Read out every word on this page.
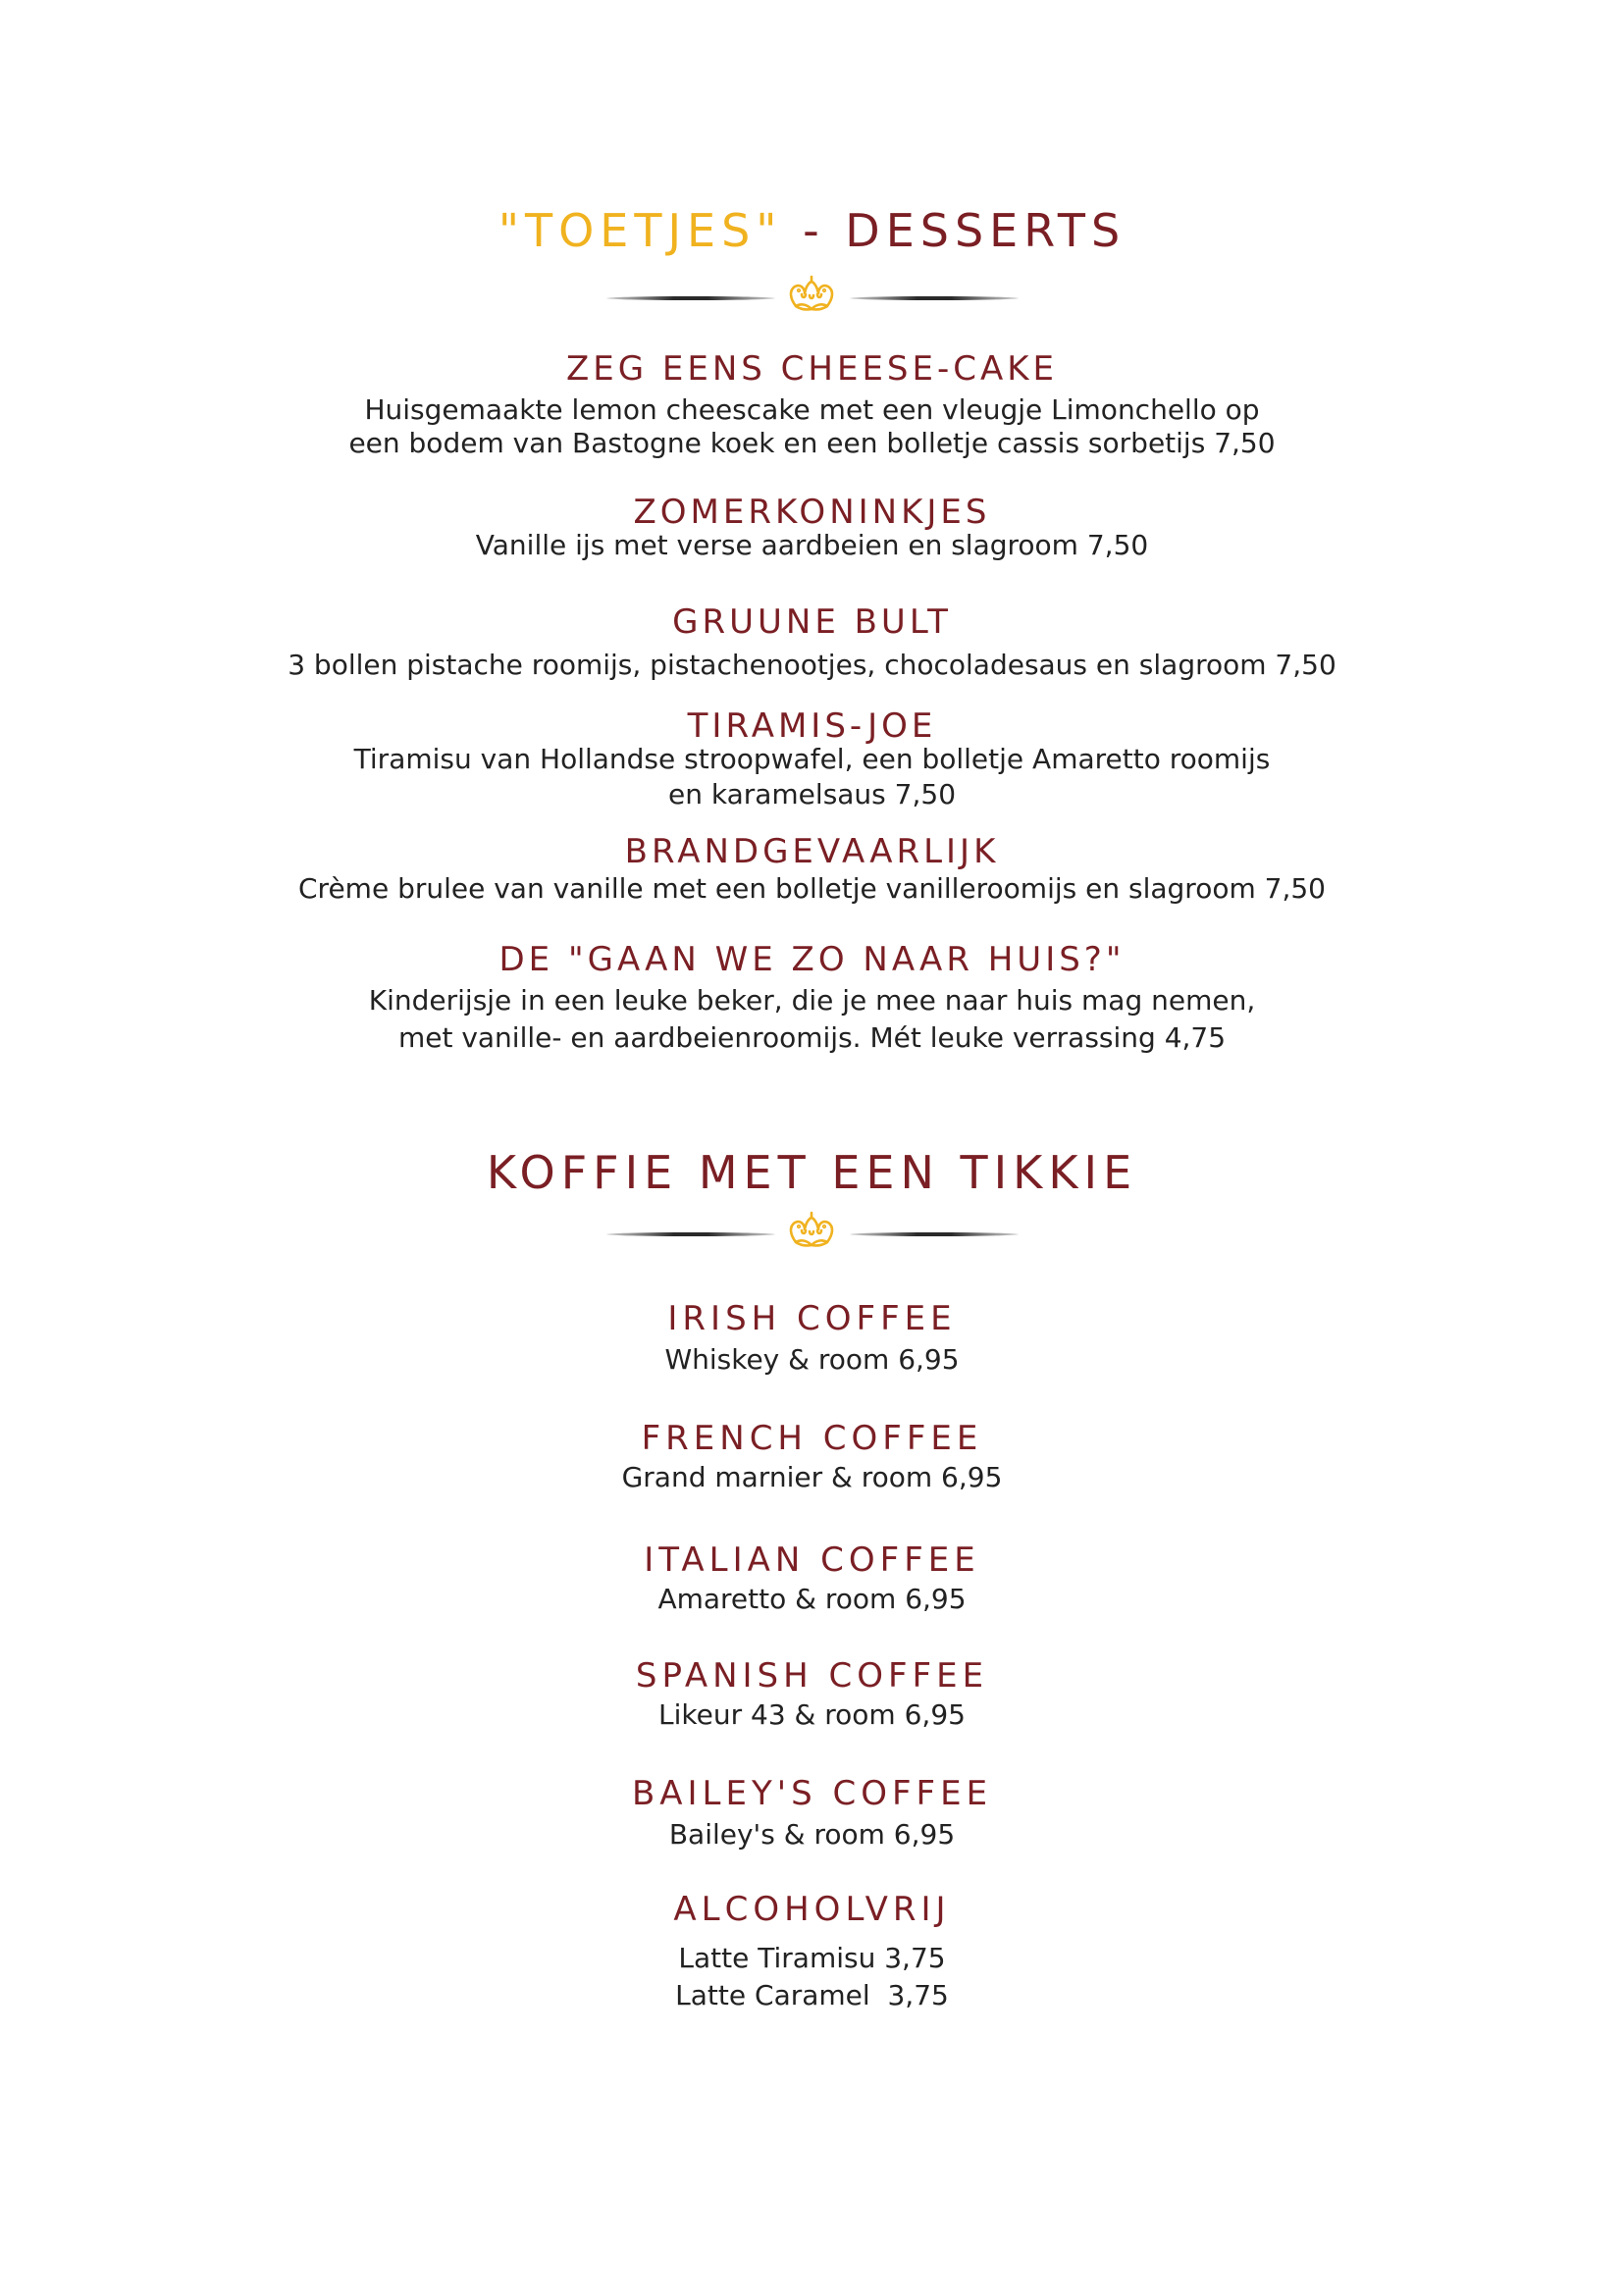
"TOETJES" - DESSERTS
ZEG EENS CHEESE-CAKE
Huisgemaakte lemon cheescake met een vleugje Limonchello op
een bodem van Bastogne koek en een bolletje cassis sorbetijs 7,50
ZOMERKONINKJES
Vanille ijs met verse aardbeien en slagroom 7,50
GRUUNE BULT
3 bollen pistache roomijs, pistachenootjes, chocoladesaus en slagroom 7,50
TIRAMIS-JOE
Tiramisu van Hollandse stroopwafel, een bolletje Amaretto roomijs
en karamelsaus 7,50
BRANDGEVAARLIJK
Crème brulee van vanille met een bolletje vanilleroomijs en slagroom 7,50
DE "GAAN WE ZO NAAR HUIS?"
Kinderijsje in een leuke beker, die je mee naar huis mag nemen,
met vanille- en aardbeienroomijs. Mét leuke verrassing 4,75
KOFFIE MET EEN TIKKIE
IRISH COFFEE
Whiskey & room 6,95
FRENCH COFFEE
Grand marnier & room 6,95
ITALIAN COFFEE
Amaretto & room 6,95
SPANISH COFFEE
Likeur 43 & room 6,95
BAILEY'S COFFEE
Bailey's & room 6,95
ALCOHOLVRIJ
Latte Tiramisu 3,75
Latte Caramel  3,75
